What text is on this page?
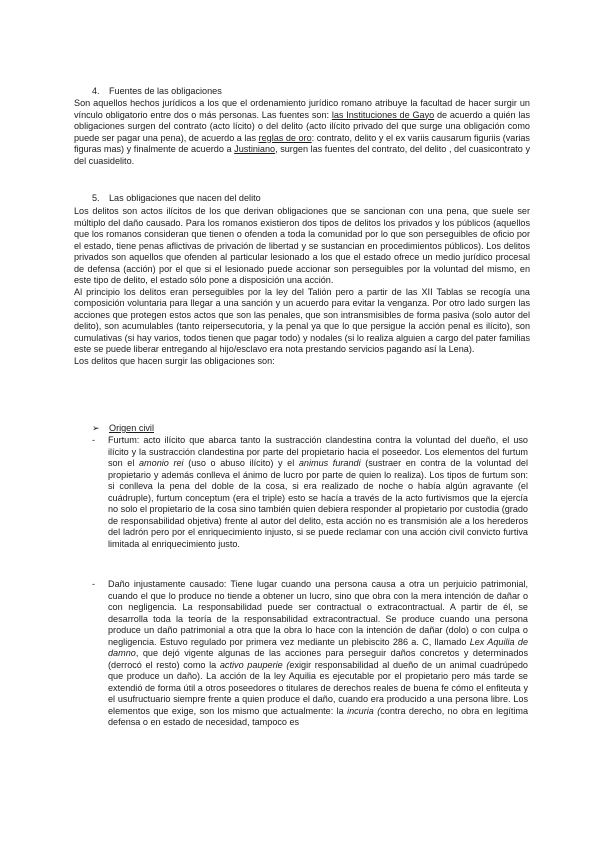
4. Fuentes de las obligaciones

Son aquellos hechos jurídicos a los que el ordenamiento jurídico romano atribuye la facultad de hacer surgir un vínculo obligatorio entre dos o más personas. Las fuentes son: las Instituciones de Gayo de acuerdo a quién las obligaciones surgen del contrato (acto lícito) o del delito (acto ilícito privado del que surge una obligación como puede ser pagar una pena), de acuerdo a las reglas de oro: contrato, delito y el ex variis causarum figuriis (varias figuras mas) y finalmente de acuerdo a Justiniano, surgen las fuentes del contrato, del delito , del cuasicontrato y del cuasidelito.

5. Las obligaciones que nacen del delito

Los delitos son actos ilícitos de los que derivan obligaciones que se sancionan con una pena, que suele ser múltiplo del daño causado. Para los romanos existieron dos tipos de delitos los privados y los públicos (aquellos que los romanos consideran que tienen o ofenden a toda la comunidad por lo que son perseguibles de oficio por el estado, tiene penas aflictivas de privación de libertad y se sustancian en procedimientos públicos). Los delitos privados son aquellos que ofenden al particular lesionado a los que el estado ofrece un medio jurídico procesal de defensa (acción) por el que si el lesionado puede accionar son perseguibles por la voluntad del mismo, en este tipo de delito, el estado sólo pone a disposición una acción.

Al principio los delitos eran perseguibles por la ley del Talión pero a partir de las XII Tablas se recogía una composición voluntaria para llegar a una sanción y un acuerdo para evitar la venganza. Por otro lado surgen las acciones que protegen estos actos que son las penales, que son intransmisibles de forma pasiva (solo autor del delito), son acumulables (tanto reipersecutoria, y la penal ya que lo que persigue la acción penal es ilícito), son cumulativas (si hay varios, todos tienen que pagar todo) y nodales (si lo realiza alguien a cargo del pater familias este se puede liberar entregando al hijo/esclavo era nota prestando servicios pagando así la Lena).

Los delitos que hacen surgir las obligaciones son:

➢ Origen civil
- Furtum: acto ilícito que abarca tanto la sustracción clandestina contra la voluntad del dueño, el uso ilícito y la sustracción clandestina por parte del propietario hacia el poseedor. Los elementos del furtum son el amonio rei (uso o abuso ilícito) y el animus furandi (sustraer en contra de la voluntad del propietario y además conlleva el ánimo de lucro por parte de quien lo realiza). Los tipos de furtum son: si conlleva la pena del doble de la cosa, si era realizado de noche o había algún agravante (el cuádruple), furtum conceptum (era el triple) esto se hacía a través de la acto furtivismos que la ejercía no solo el propietario de la cosa sino también quien debiera responder al propietario por custodia (grado de responsabilidad objetiva) frente al autor del delito, esta acción no es transmisión ale a los herederos del ladrón pero por el enriquecimiento injusto, si se puede reclamar con una acción civil convicto furtiva limitada al enriquecimiento justo.
- Daño injustamente causado: Tiene lugar cuando una persona causa a otra un perjuicio patrimonial, cuando el que lo produce no tiende a obtener un lucro, sino que obra con la mera intención de dañar o con negligencia. La responsabilidad puede ser contractual o extracontractual. A partir de él, se desarrolla toda la teoría de la responsabilidad extracontractual. Se produce cuando una persona produce un daño patrimonial a otra que la obra lo hace con la intención de dañar (dolo) o con culpa o negligencia. Estuvo regulado por primera vez mediante un plebiscito 286 a. C, llamado Lex Aquilia de damno, que dejó vigente algunas de las acciones para perseguir daños concretos y determinados (derrocó el resto) como la activo pauperie (exigir responsabilidad al dueño de un animal cuadrúpedo que produce un daño). La acción de la ley Aquilia es ejecutable por el propietario pero más tarde se extendió de forma útil a otros poseedores o titulares de derechos reales de buena fe cómo el enfiteuta y el usufructuario siempre frente a quien produce el daño, cuando era producido a una persona libre. Los elementos que exige, son los mismo que actualmente: la incuria (contra derecho, no obra en legítima defensa o en estado de necesidad, tampoco es
